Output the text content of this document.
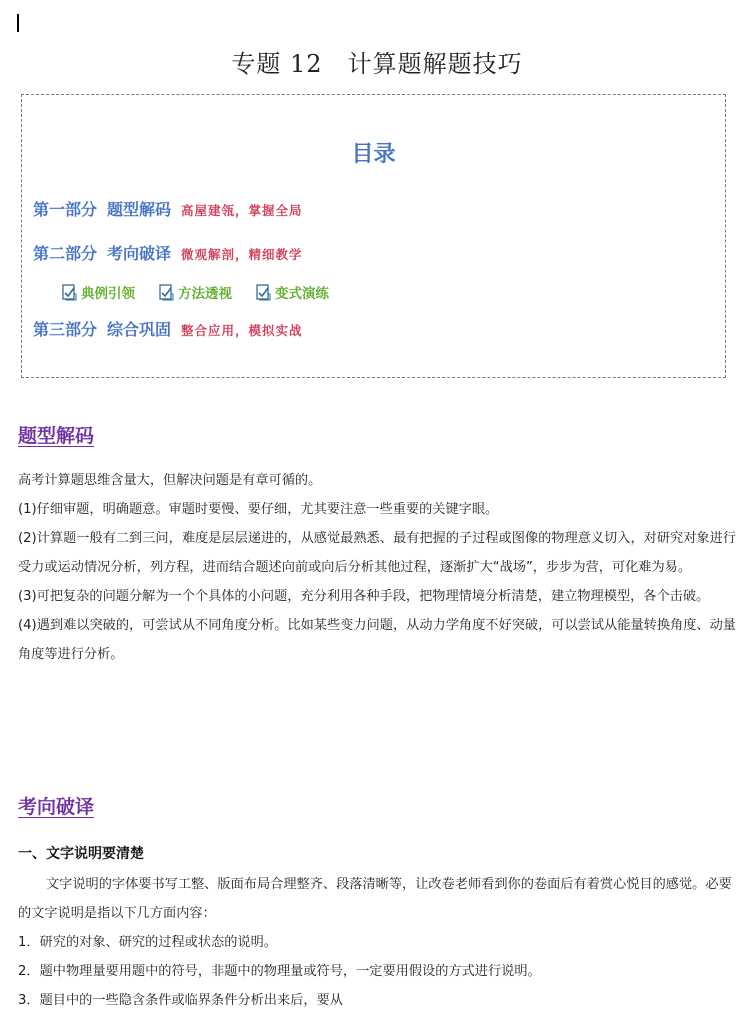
专题 12　计算题解题技巧
目录
第一部分 题型解码 高屋建瓴，掌握全局
第二部分 考向破译 微观解剖，精细教学
典例引领	方法透视	变式演练
第三部分 综合巩固 整合应用，模拟实战
题型解码

高考计算题思维含量大，但解决问题是有章可循的。

(1)仔细审题，明确题意。审题时要慢、要仔细，尤其要注意一些重要的关键字眼。

(2)计算题一般有二到三问，难度是层层递进的，从感觉最熟悉、最有把握的子过程或图像的物理意义切入，对研究对象进行受力或运动情况分析，列方程，进而结合题述向前或向后分析其他过程，逐渐扩大“战场”，步步为营，可化难为易。

(3)可把复杂的问题分解为一个个具体的小问题，充分利用各种手段，把物理情境分析清楚，建立物理模型，各个击破。

(4)遇到难以突破的，可尝试从不同角度分析。比如某些变力问题，从动力学角度不好突破，可以尝试从能量转换角度、动量角度等进行分析。

考向破译
一、文字说明要清楚

文字说明的字体要书写工整、版面布局合理整齐、段落清晰等，让改卷老师看到你的卷面后有着赏心悦目的感觉。必要的文字说明是指以下几方面内容：

1．研究的对象、研究的过程或状态的说明。

2．题中物理量要用题中的符号，非题中的物理量或符号，一定要用假设的方式进行说明。

3．题目中的一些隐含条件或临界条件分析出来后，要从
